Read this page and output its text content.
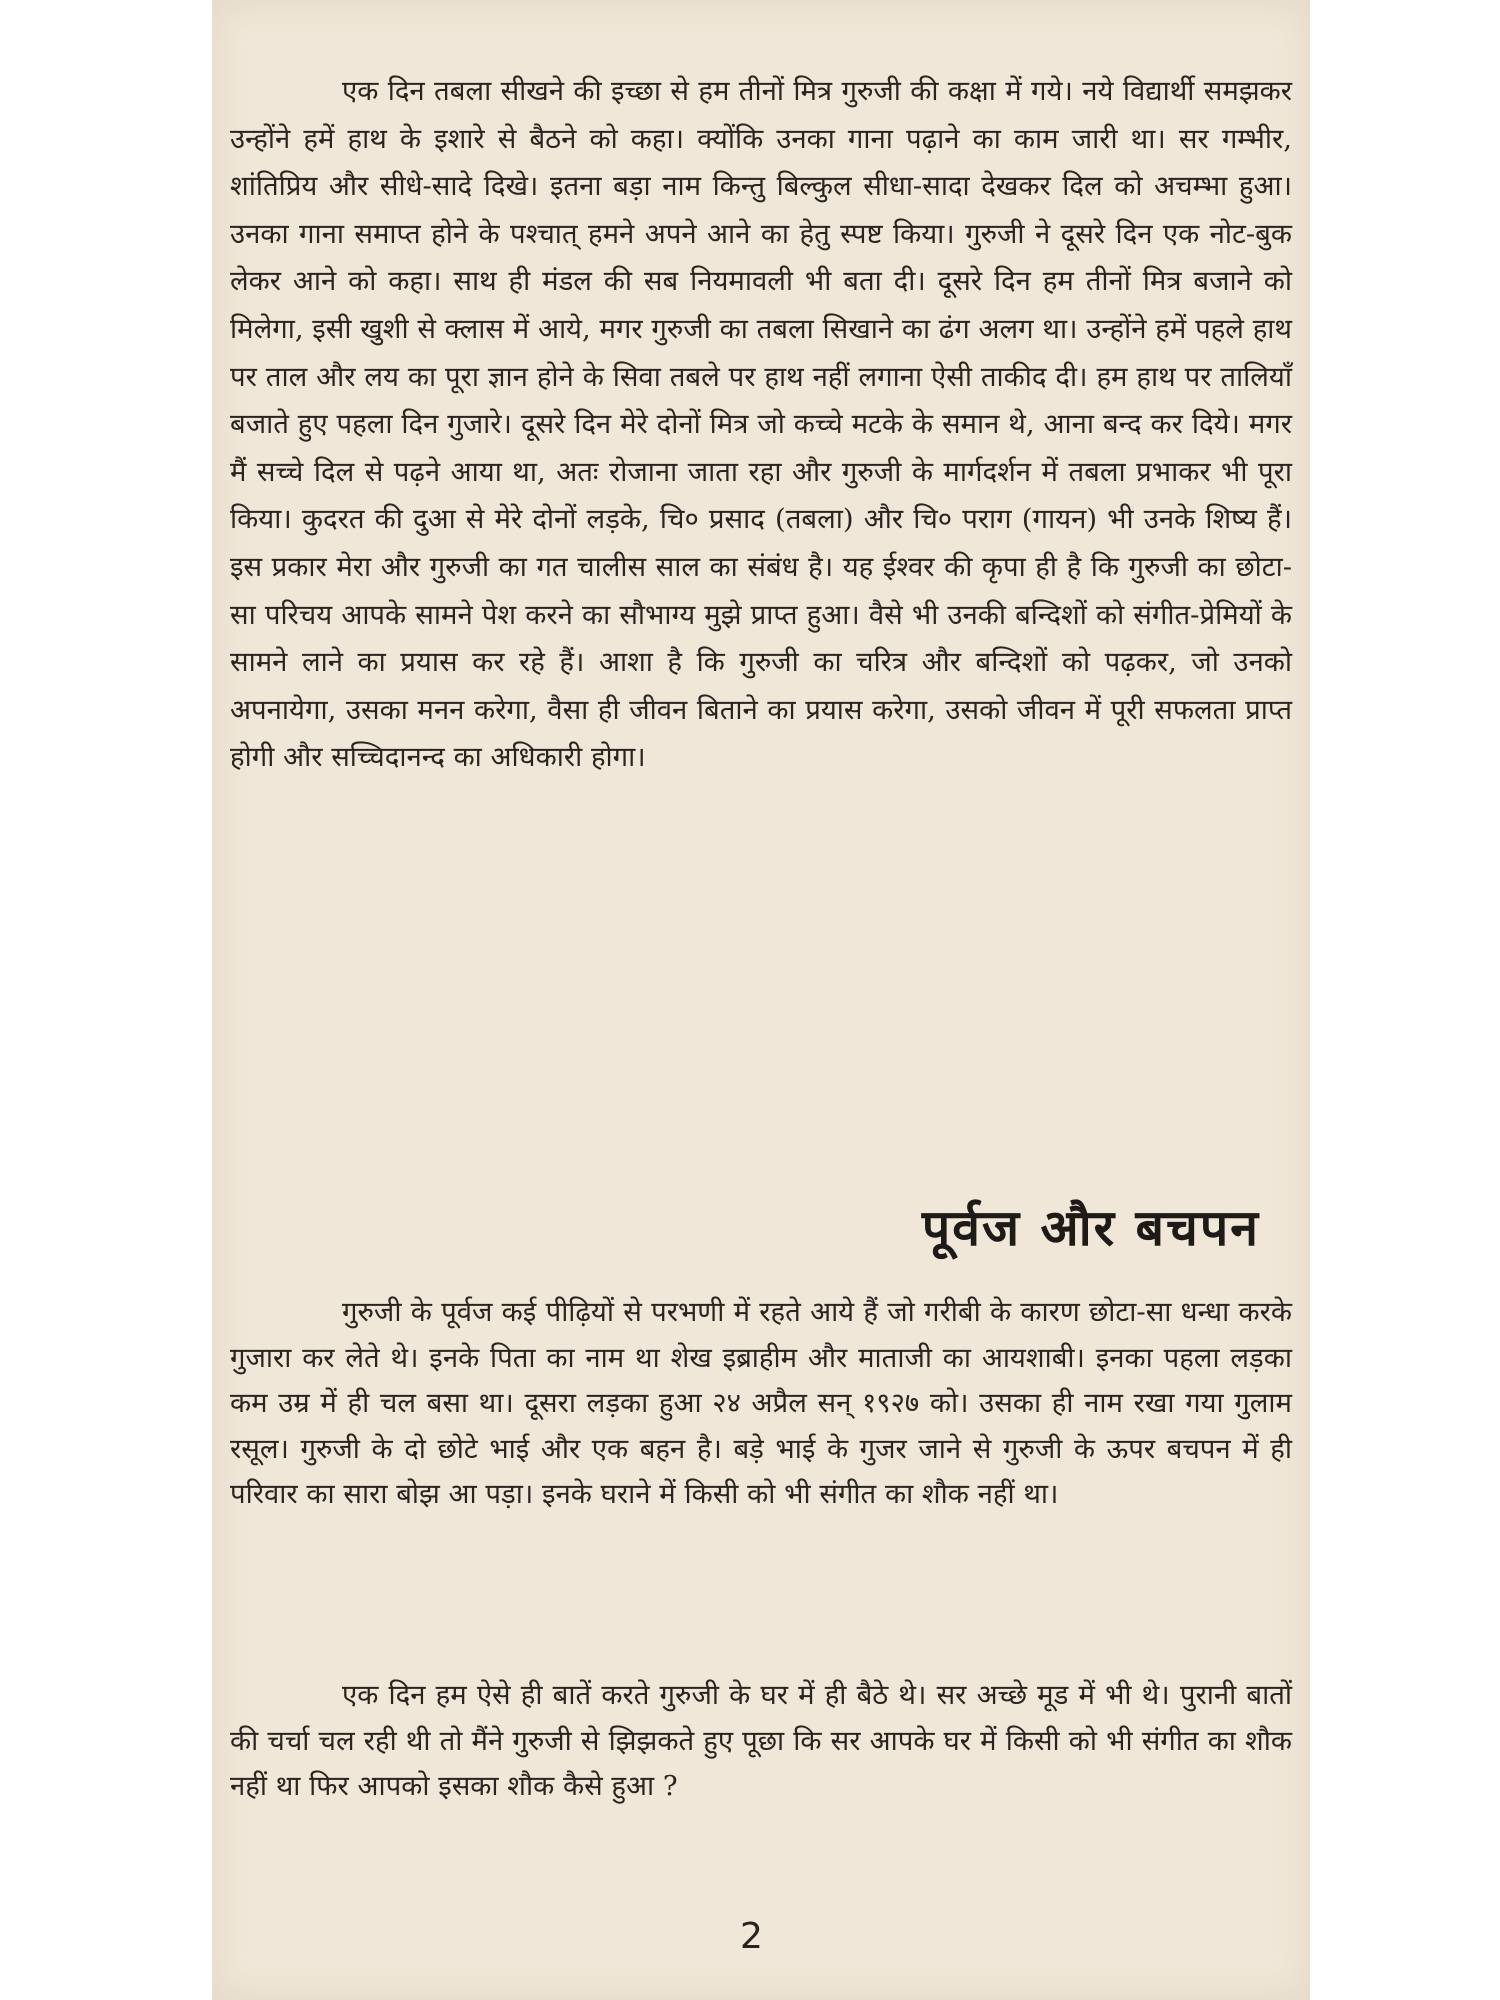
एक दिन तबला सीखने की इच्छा से हम तीनों मित्र गुरुजी की कक्षा में गये। नये विद्यार्थी समझकर उन्होंने हमें हाथ के इशारे से बैठने को कहा। क्योंकि उनका गाना पढ़ाने का काम जारी था। सर गम्भीर, शांतिप्रिय और सीधे-सादे दिखे। इतना बड़ा नाम किन्तु बिल्कुल सीधा-सादा देखकर दिल को अचम्भा हुआ। उनका गाना समाप्त होने के पश्चात् हमने अपने आने का हेतु स्पष्ट किया। गुरुजी ने दूसरे दिन एक नोट-बुक लेकर आने को कहा। साथ ही मंडल की सब नियमावली भी बता दी। दूसरे दिन हम तीनों मित्र बजाने को मिलेगा, इसी खुशी से क्लास में आये, मगर गुरुजी का तबला सिखाने का ढंग अलग था। उन्होंने हमें पहले हाथ पर ताल और लय का पूरा ज्ञान होने के सिवा तबले पर हाथ नहीं लगाना ऐसी ताकीद दी। हम हाथ पर तालियाँ बजाते हुए पहला दिन गुजारे। दूसरे दिन मेरे दोनों मित्र जो कच्चे मटके के समान थे, आना बन्द कर दिये। मगर मैं सच्चे दिल से पढ़ने आया था, अतः रोजाना जाता रहा और गुरुजी के मार्गदर्शन में तबला प्रभाकर भी पूरा किया। कुदरत की दुआ से मेरे दोनों लड़के, चि० प्रसाद (तबला) और चि० पराग (गायन) भी उनके शिष्य हैं। इस प्रकार मेरा और गुरुजी का गत चालीस साल का संबंध है। यह ईश्वर की कृपा ही है कि गुरुजी का छोटा-सा परिचय आपके सामने पेश करने का सौभाग्य मुझे प्राप्त हुआ। वैसे भी उनकी बन्दिशों को संगीत-प्रेमियों के सामने लाने का प्रयास कर रहे हैं। आशा है कि गुरुजी का चरित्र और बन्दिशों को पढ़कर, जो उनको अपनायेगा, उसका मनन करेगा, वैसा ही जीवन बिताने का प्रयास करेगा, उसको जीवन में पूरी सफलता प्राप्त होगी और सच्चिदानन्द का अधिकारी होगा।

पूर्वज और बचपन

गुरुजी के पूर्वज कई पीढ़ियों से परभणी में रहते आये हैं जो गरीबी के कारण छोटा-सा धन्धा करके गुजारा कर लेते थे। इनके पिता का नाम था शेख इब्राहीम और माताजी का आयशाबी। इनका पहला लड़का कम उम्र में ही चल बसा था। दूसरा लड़का हुआ २४ अप्रैल सन् १९२७ को। उसका ही नाम रखा गया गुलाम रसूल। गुरुजी के दो छोटे भाई और एक बहन है। बड़े भाई के गुजर जाने से गुरुजी के ऊपर बचपन में ही परिवार का सारा बोझ आ पड़ा। इनके घराने में किसी को भी संगीत का शौक नहीं था।

एक दिन हम ऐसे ही बातें करते गुरुजी के घर में ही बैठे थे। सर अच्छे मूड में भी थे। पुरानी बातों की चर्चा चल रही थी तो मैंने गुरुजी से झिझकते हुए पूछा कि सर आपके घर में किसी को भी संगीत का शौक नहीं था फिर आपको इसका शौक कैसे हुआ ?

2
